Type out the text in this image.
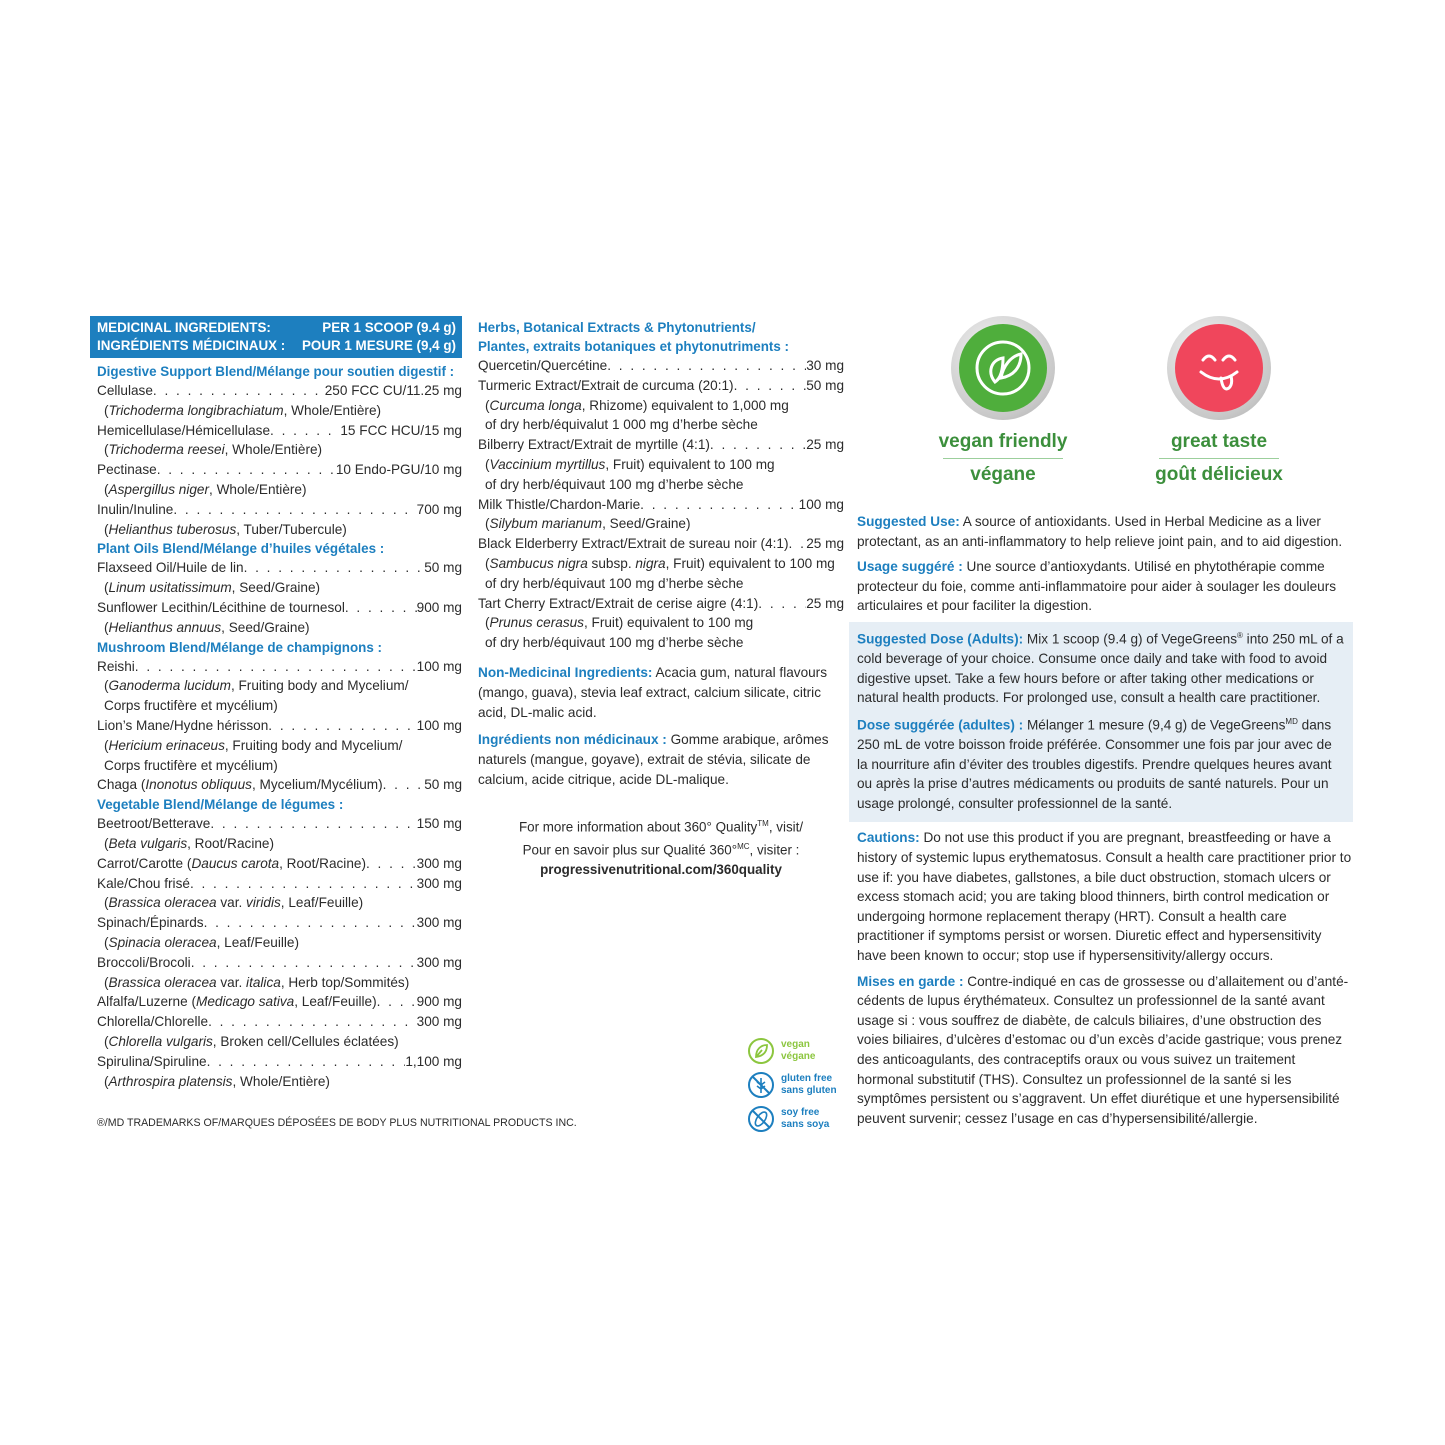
MEDICINAL INGREDIENTS:	PER 1 SCOOP (9.4 g)
INGRÉDIENTS MÉDICINAUX : POUR 1 MESURE (9,4 g)
Digestive Support Blend/Mélange pour soutien digestif :
Cellulase . . .	250 FCC CU/11.25 mg
(Trichoderma longibrachiatum, Whole/Entière)
Hemicellulase/Hémicellulase . . .	15 FCC HCU/15 mg
(Trichoderma reesei, Whole/Entière)
Pectinase . . .	10 Endo-PGU/10 mg
(Aspergillus niger, Whole/Entière)
Inulin/Inuline . . .	700 mg
(Helianthus tuberosus, Tuber/Tubercule)
Plant Oils Blend/Mélange d’huiles végétales :
Flaxseed Oil/Huile de lin . . .	50 mg
(Linum usitatissimum, Seed/Graine)
Sunflower Lecithin/Lécithine de tournesol . . .	900 mg
(Helianthus annuus, Seed/Graine)
Mushroom Blend/Mélange de champignons :
Reishi . . .	100 mg
(Ganoderma lucidum, Fruiting body and Mycelium/
Corps fructifère et mycélium)
Lion’s Mane/Hydne hérisson . . .	100 mg
(Hericium erinaceus, Fruiting body and Mycelium/
Corps fructifère et mycélium)
Chaga (Inonotus obliquus, Mycelium/Mycélium) . . .	50 mg
Vegetable Blend/Mélange de légumes :
Beetroot/Betterave . . .	150 mg
(Beta vulgaris, Root/Racine)
Carrot/Carotte (Daucus carota, Root/Racine) . . .	300 mg
Kale/Chou frisé . . .	300 mg
(Brassica oleracea var. viridis, Leaf/Feuille)
Spinach/Épinards . . .	300 mg
(Spinacia oleracea, Leaf/Feuille)
Broccoli/Brocoli . . .	300 mg
(Brassica oleracea var. italica, Herb top/Sommités)
Alfalfa/Luzerne (Medicago sativa, Leaf/Feuille) . . .	900 mg
Chlorella/Chlorelle . . .	300 mg
(Chlorella vulgaris, Broken cell/Cellules éclatées)
Spirulina/Spiruline . . .	1,100 mg
(Arthrospira platensis, Whole/Entière)
®/MD TRADEMARKS OF/MARQUES DÉPOSÉES DE BODY PLUS NUTRITIONAL PRODUCTS INC.
Herbs, Botanical Extracts & Phytonutrients/
Plantes, extraits botaniques et phytonutriments :
Quercetin/Quercétine . . .	30 mg
Turmeric Extract/Extrait de curcuma (20:1) . . .	50 mg
(Curcuma longa, Rhizome) equivalent to 1,000 mg
of dry herb/équivalut 1 000 mg d’herbe sèche
Bilberry Extract/Extrait de myrtille (4:1) . . .	25 mg
(Vaccinium myrtillus, Fruit) equivalent to 100 mg
of dry herb/équivaut 100 mg d’herbe sèche
Milk Thistle/Chardon-Marie . . .	100 mg
(Silybum marianum, Seed/Graine)
Black Elderberry Extract/Extrait de sureau noir (4:1) . . . 25 mg
(Sambucus nigra subsp. nigra, Fruit) equivalent to 100 mg
of dry herb/équivaut 100 mg d’herbe sèche
Tart Cherry Extract/Extrait de cerise aigre (4:1) . . .	25 mg
(Prunus cerasus, Fruit) equivalent to 100 mg
of dry herb/équivaut 100 mg d’herbe sèche
Non-Medicinal Ingredients: Acacia gum, natural flavours (mango, guava), stevia leaf extract, calcium silicate, citric acid, DL-malic acid.
Ingrédients non médicinaux : Gomme arabique, arômes naturels (mangue, goyave), extrait de stévia, silicate de calcium, acide citrique, acide DL-malique.
For more information about 360° Quality™, visit/
Pour en savoir plus sur Qualité 360°$^{MC}$, visiter :
progressivenutritional.com/360quality
vegan friendly
végane
great taste
goût délicieux

Suggested Use: A source of antioxidants. Used in Herbal Medicine as a liver protectant, as an anti-inflammatory to help relieve joint pain, and to aid digestion.

Usage suggéré : Une source d’antioxydants. Utilisé en phytothérapie comme protecteur du foie, comme anti-inflammatoire pour aider à soulager les douleurs articulaires et pour faciliter la digestion.

Suggested Dose (Adults): Mix 1 scoop (9.4 g) of VegeGreens® into 250 mL of a cold beverage of your choice. Consume once daily and take with food to avoid digestive upset. Take a few hours before or after taking other medications or natural health products. For prolonged use, consult a health care practitioner.

Dose suggérée (adultes) : Mélanger 1 mesure (9,4 g) de VegeGreens$^{MD}$ dans 250 mL de votre boisson froide préférée. Consommer une fois par jour avec de la nourriture afin d’éviter des troubles digestifs. Prendre quelques heures avant ou après la prise d’autres médicaments ou produits de santé naturels. Pour un usage prolongé, consulter professionnel de la santé.

Cautions: Do not use this product if you are pregnant, breastfeeding or have a history of systemic lupus erythematosus. Consult a health care practitioner prior to use if: you have diabetes, gallstones, a bile duct obstruction, stomach ulcers or excess stomach acid; you are taking blood thinners, birth control medication or undergoing hormone replacement therapy (HRT). Consult a health care practitioner if symptoms persist or worsen. Diuretic effect and hypersensitivity have been known to occur; stop use if hypersensitivity/allergy occurs.

Mises en garde : Contre-indiqué en cas de grossesse ou d’allaitement ou d’anté-cédents de lupus érythémateux. Consultez un professionnel de la santé avant usage si : vous souffrez de diabète, de calculs biliaires, d’une obstruction des voies biliaires, d’ulcères d’estomac ou d’un excès d’acide gastrique; vous prenez des anticoagulants, des contraceptifs oraux ou vous suivez un traitement hormonal substitutif (THS). Consultez un professionnel de la santé si les symptômes persistent ou s’aggravent. Un effet diurétique et une hypersensibilité peuvent survenir; cessez l’usage en cas d’hypersensibilité/allergie.

vegan
végane
gluten free
sans gluten
soy free
sans soya
